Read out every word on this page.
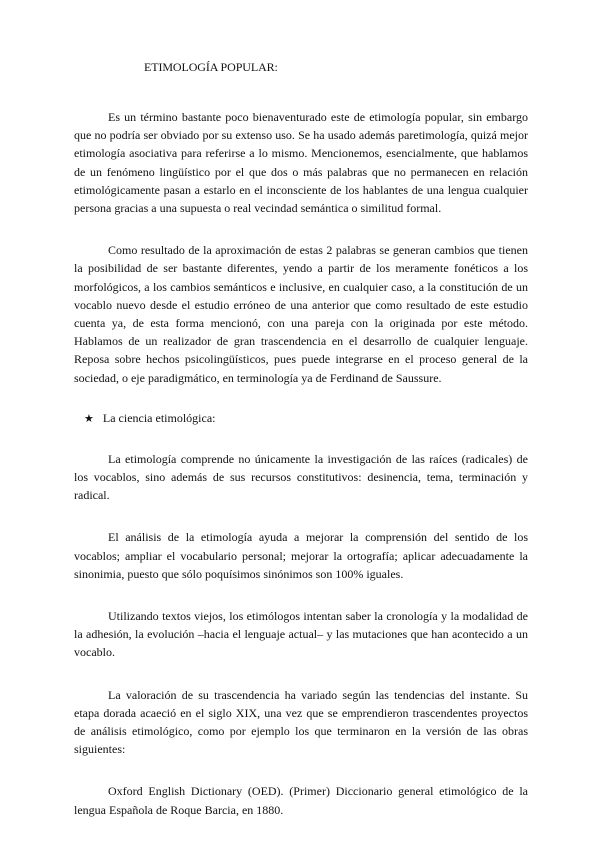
ETIMOLOGÍA POPULAR:

Es un término bastante poco bienaventurado este de etimología popular, sin embargo que no podría ser obviado por su extenso uso. Se ha usado además paretimología, quizá mejor etimología asociativa para referirse a lo mismo. Mencionemos, esencialmente, que hablamos de un fenómeno lingüístico por el que dos o más palabras que no permanecen en relación etimológicamente pasan a estarlo en el inconsciente de los hablantes de una lengua cualquier persona gracias a una supuesta o real vecindad semántica o similitud formal.

Como resultado de la aproximación de estas 2 palabras se generan cambios que tienen la posibilidad de ser bastante diferentes, yendo a partir de los meramente fonéticos a los morfológicos, a los cambios semánticos e inclusive, en cualquier caso, a la constitución de un vocablo nuevo desde el estudio erróneo de una anterior que como resultado de este estudio cuenta ya, de esta forma mencionó, con una pareja con la originada por este método. Hablamos de un realizador de gran trascendencia en el desarrollo de cualquier lenguaje. Reposa sobre hechos psicolingüísticos, pues puede integrarse en el proceso general de la sociedad, o eje paradigmático, en terminología ya de Ferdinand de Saussure.

★ La ciencia etimológica:

La etimología comprende no únicamente la investigación de las raíces (radicales) de los vocablos, sino además de sus recursos constitutivos: desinencia, tema, terminación y radical.

El análisis de la etimología ayuda a mejorar la comprensión del sentido de los vocablos; ampliar el vocabulario personal; mejorar la ortografía; aplicar adecuadamente la sinonimia, puesto que sólo poquísimos sinónimos son 100% iguales.

Utilizando textos viejos, los etimólogos intentan saber la cronología y la modalidad de la adhesión, la evolución –hacia el lenguaje actual– y las mutaciones que han acontecido a un vocablo.

La valoración de su trascendencia ha variado según las tendencias del instante. Su etapa dorada acaeció en el siglo XIX, una vez que se emprendieron trascendentes proyectos de análisis etimológico, como por ejemplo los que terminaron en la versión de las obras siguientes:

Oxford English Dictionary (OED). (Primer) Diccionario general etimológico de la lengua Española de Roque Barcia, en 1880.
